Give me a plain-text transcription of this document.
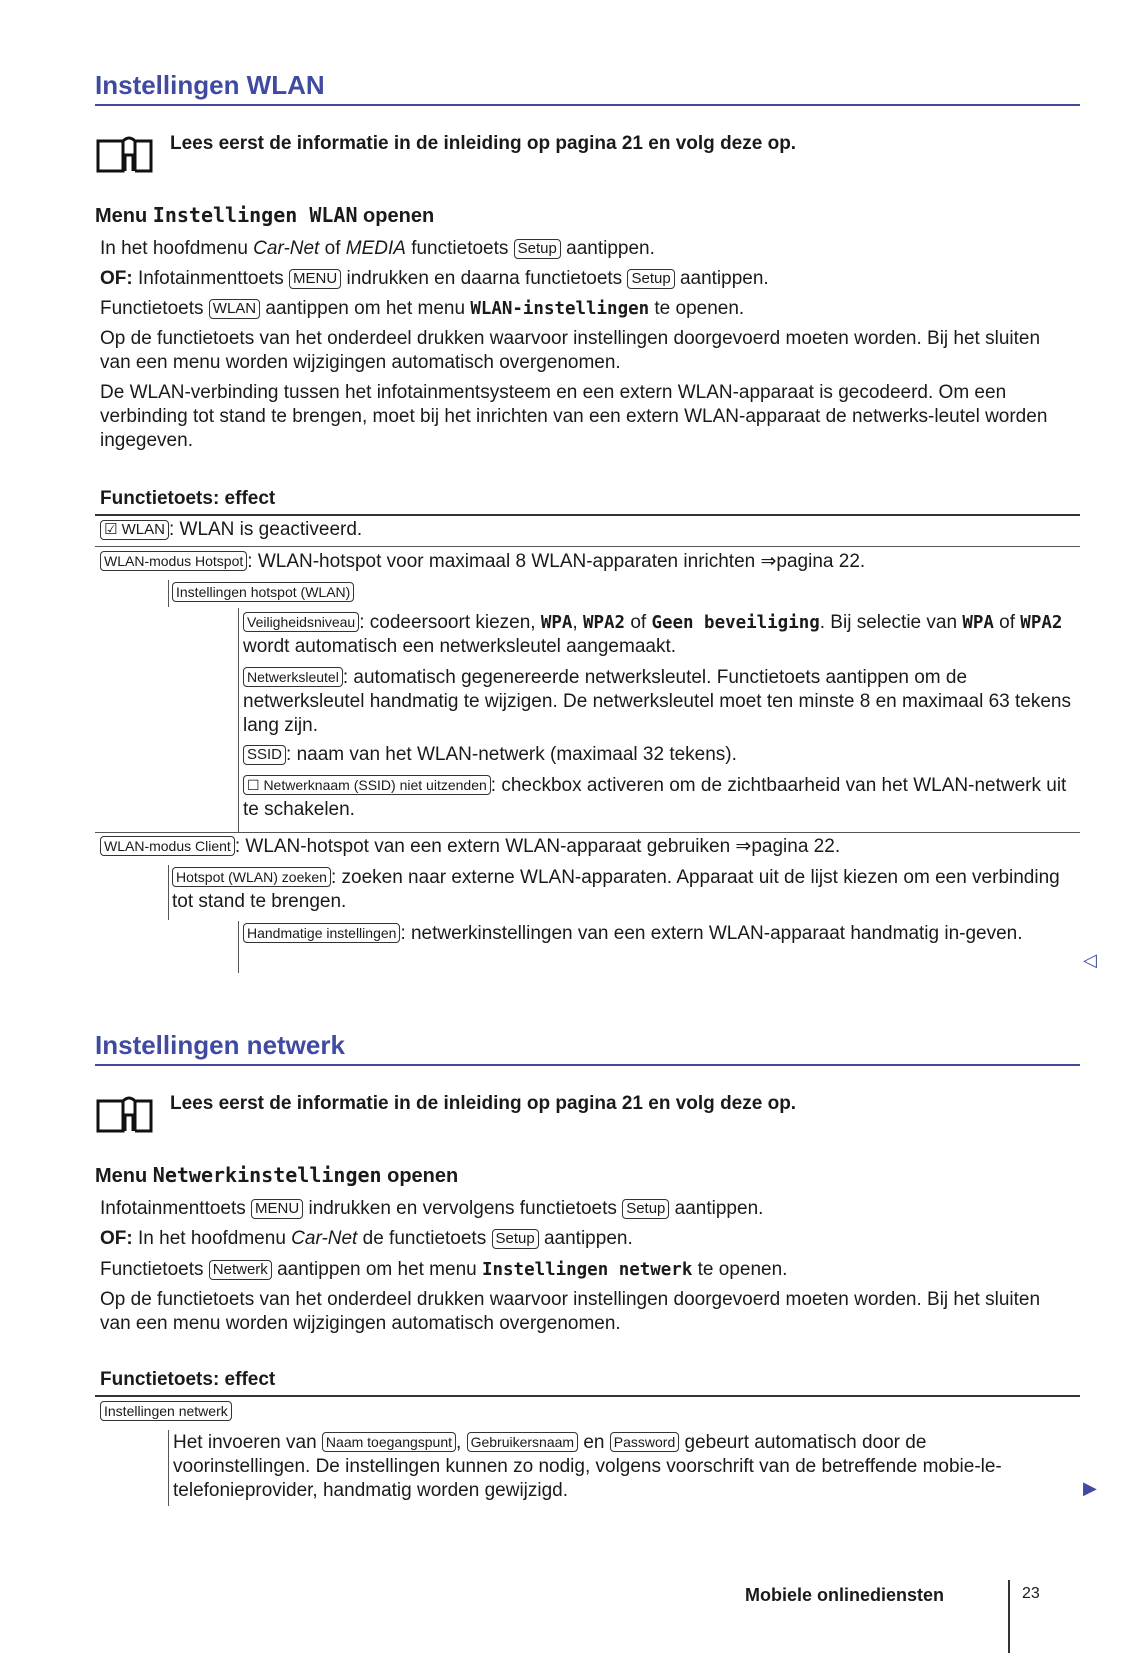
Instellingen WLAN
Lees eerst de informatie in de inleiding op pagina 21 en volg deze op.
Menu Instellingen WLAN openen
In het hoofdmenu Car-Net of MEDIA functietoets Setup aantippen.
OF: Infotainmenttoets MENU indrukken en daarna functietoets Setup aantippen.
Functietoets WLAN aantippen om het menu WLAN-instellingen te openen.
Op de functietoets van het onderdeel drukken waarvoor instellingen doorgevoerd moeten worden. Bij het sluiten van een menu worden wijzigingen automatisch overgenomen.
De WLAN-verbinding tussen het infotainmentsysteem en een extern WLAN-apparaat is gecodeerd. Om een verbinding tot stand te brengen, moet bij het inrichten van een extern WLAN-apparaat de netwerks-leutel worden ingegeven.
Functietoets: effect
☑ WLAN : WLAN is geactiveerd.
WLAN-modus Hotspot : WLAN-hotspot voor maximaal 8 WLAN-apparaten inrichten ⇒pagina 22.
Instellingen hotspot (WLAN)
Veiligheidsniveau : codeersoort kiezen, WPA, WPA2 of Geen beveiliging. Bij selectie van WPA of WPA2 wordt automatisch een netwerksleutel aangemaakt.
Netwerksleutel : automatisch gegenereerde netwerksleutel. Functietoets aantippen om de netwerksleutel handmatig te wijzigen. De netwerksleutel moet ten minste 8 en maximaal 63 tekens lang zijn.
SSID : naam van het WLAN-netwerk (maximaal 32 tekens).
☐ Netwerknaam (SSID) niet uitzenden : checkbox activeren om de zichtbaarheid van het WLAN-netwerk uit te schakelen.
WLAN-modus Client : WLAN-hotspot van een extern WLAN-apparaat gebruiken ⇒pagina 22.
Hotspot (WLAN) zoeken : zoeken naar externe WLAN-apparaten. Apparaat uit de lijst kiezen om een verbinding tot stand te brengen.
Handmatige instellingen : netwerkinstellingen van een extern WLAN-apparaat handmatig in-geven.
◁
Instellingen netwerk
Lees eerst de informatie in de inleiding op pagina 21 en volg deze op.
Menu Netwerkinstellingen openen
Infotainmenttoets MENU indrukken en vervolgens functietoets Setup aantippen.
OF: In het hoofdmenu Car-Net de functietoets Setup aantippen.
Functietoets Netwerk aantippen om het menu Instellingen netwerk te openen.
Op de functietoets van het onderdeel drukken waarvoor instellingen doorgevoerd moeten worden. Bij het sluiten van een menu worden wijzigingen automatisch overgenomen.
Functietoets: effect
Instellingen netwerk
Het invoeren van Naam toegangspunt , Gebruikersnaam en Password gebeurt automatisch door de voorinstellingen. De instellingen kunnen zo nodig, volgens voorschrift van de betreffende mobie-le-telefonieprovider, handmatig worden gewijzigd.	▶
Mobiele onlinediensten	23
